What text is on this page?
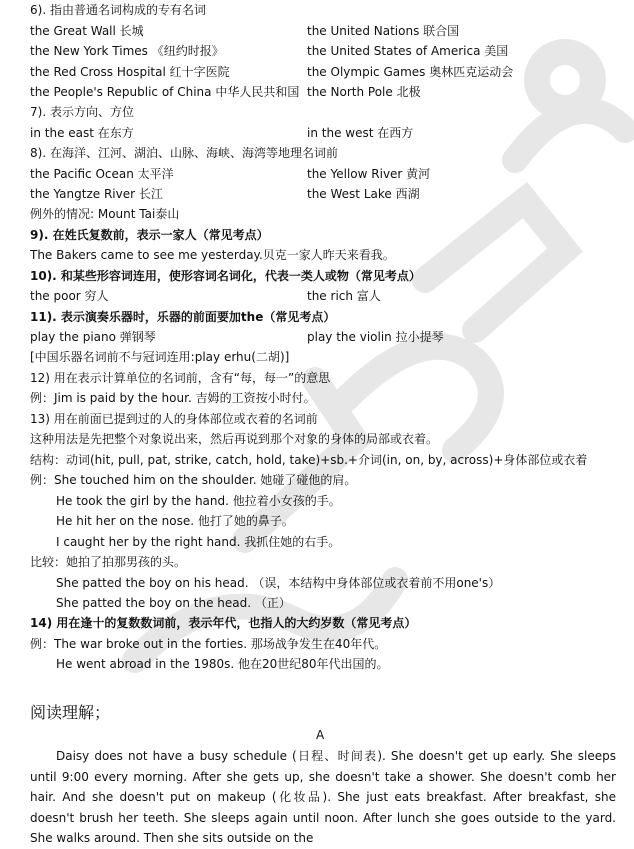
6). 指由普通名词构成的专有名词
the Great Wall 长城	the United Nations 联合国
the New York Times 《纽约时报》	the United States of America 美国
the Red Cross Hospital 红十字医院	the Olympic Games 奥林匹克运动会
the People's Republic of China 中华人民共和国 the North Pole 北极
7). 表示方向、方位
in the east 在东方	in the west 在西方
8). 在海洋、江河、湖泊、山脉、海峡、海湾等地理名词前
the Pacific Ocean 太平洋	the Yellow River 黄河
the Yangtze River 长江	the West Lake 西湖
例外的情况: Mount Tai泰山
9). 在姓氏复数前，表示一家人（常见考点）
The Bakers came to see me yesterday.贝克一家人昨天来看我。
10). 和某些形容词连用，使形容词名词化，代表一类人或物（常见考点）
the poor 穷人	the rich 富人
11). 表示演奏乐器时，乐器的前面要加the（常见考点）
play the piano 弹钢琴	play the violin 拉小提琴
[中国乐器名词前不与冠词连用:play erhu(二胡)]
12) 用在表示计算单位的名词前，含有“每，每一”的意思
例：Jim is paid by the hour. 吉姆的工资按小时付。
13) 用在前面已提到过的人的身体部位或衣着的名词前
这种用法是先把整个对象说出来，然后再说到那个对象的身体的局部或衣着。
结构：动词(hit, pull, pat, strike, catch, hold, take)+sb.+介词(in, on, by, across)+身体部位或衣着
例：She touched him on the shoulder. 她碰了碰他的肩。
He took the girl by the hand. 他拉着小女孩的手。
He hit her on the nose. 他打了她的鼻子。
I caught her by the right hand. 我抓住她的右手。
比较：她拍了拍那男孩的头。
She patted the boy on his head. （误，本结构中身体部位或衣着前不用one's）
She patted the boy on the head. （正）
14) 用在逢十的复数数词前，表示年代，也指人的大约岁数（常见考点）
例：The war broke out in the forties. 那场战争发生在40年代。
He went abroad in the 1980s. 他在20世纪80年代出国的。
阅读理解；
A

Daisy does not have a busy schedule (日程、时间表). She doesn't get up early. She sleeps until 9:00 every morning. After she gets up, she doesn't take a shower. She doesn't comb her hair. And she doesn't put on makeup (化妆品). She just eats breakfast. After breakfast, she doesn't brush her teeth. She sleeps again until noon. After lunch she goes outside to the yard. She walks around. Then she sits outside on the
